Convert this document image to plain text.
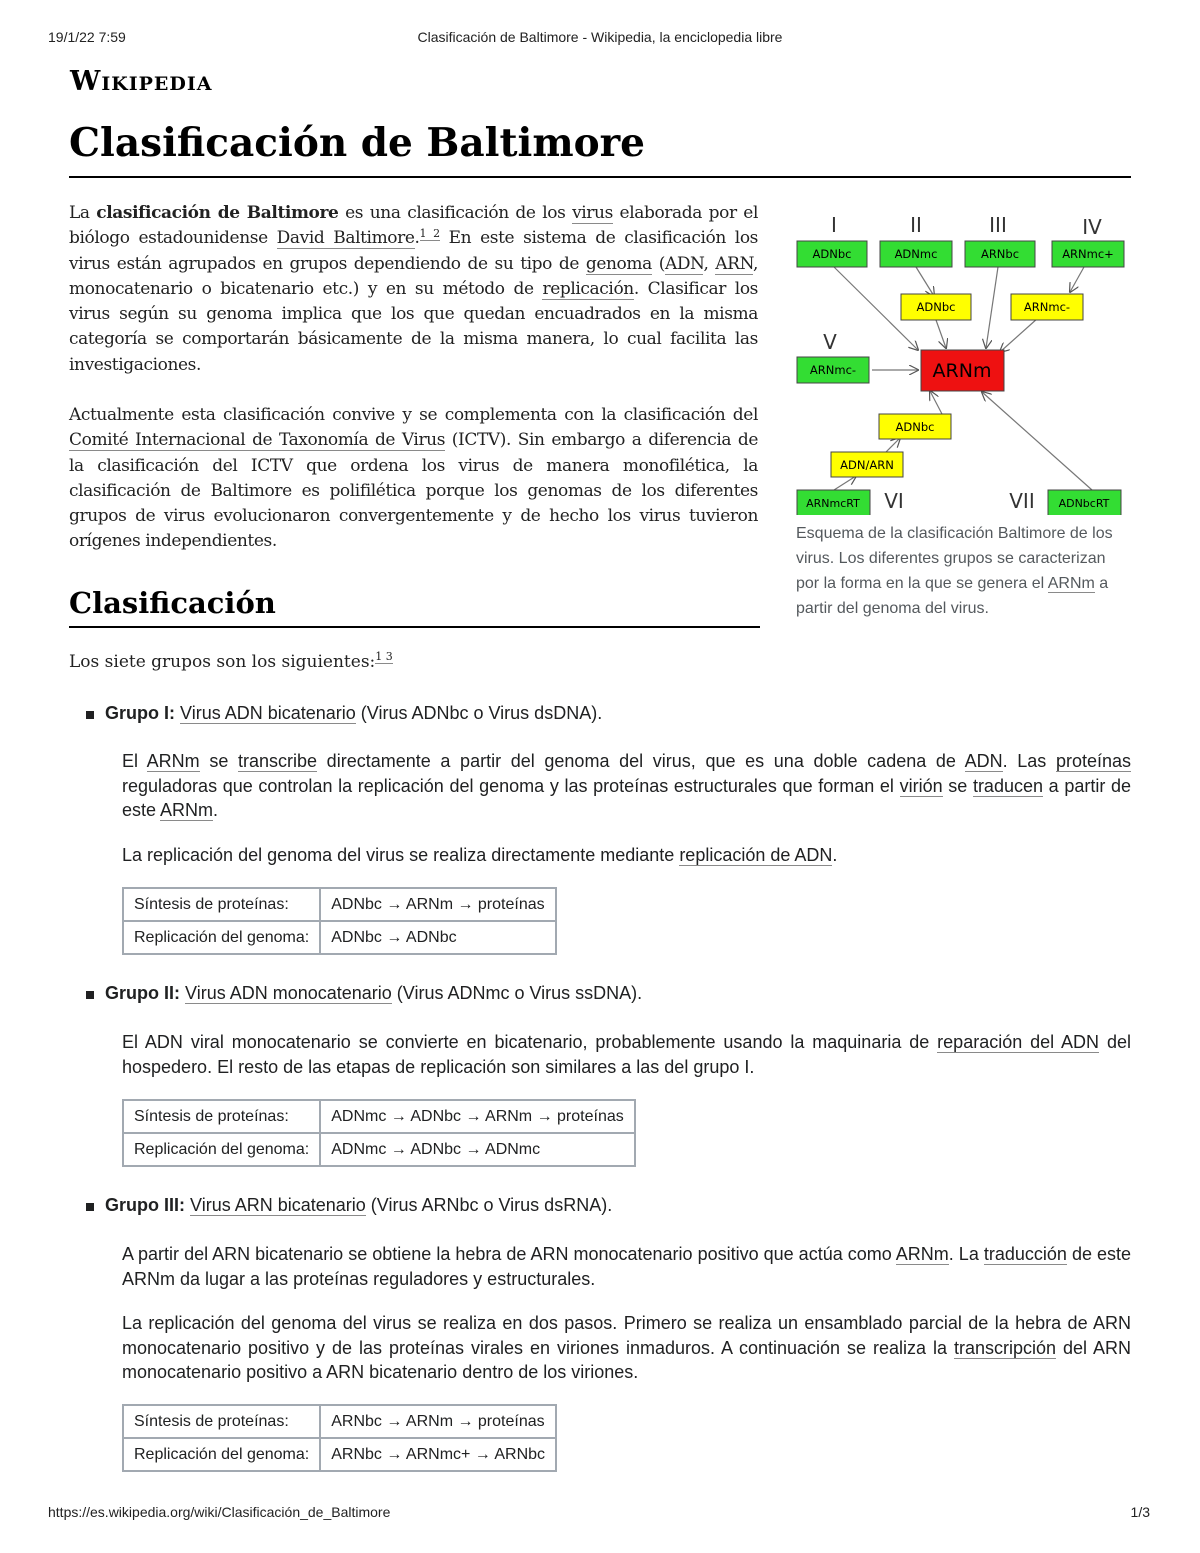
19/1/22 7:59	Clasificación de Baltimore - Wikipedia, la enciclopedia libre
Wikipedia
Clasificación de Baltimore

La clasificación de Baltimore es una clasificación de los virus elaborada por el biólogo estadounidense David Baltimore.$^{1 2}$ En este sistema de clasificación los virus están agrupados en grupos dependiendo de su tipo de genoma (ADN, ARN, monocatenario o bicatenario etc.) y en su método de replicación. Clasificar los virus según su genoma implica que los que quedan encuadrados en la misma categoría se comportarán básicamente de la misma manera, lo cual facilita las investigaciones.

Actualmente esta clasificación convive y se complementa con la clasificación del Comité Internacional de Taxonomía de Virus (ICTV). Sin embargo a diferencia de la clasificación del ICTV que ordena los virus de manera monofilética, la clasificación de Baltimore es polifilética porque los genomas de los diferentes grupos de virus evolucionaron convergentemente y de hecho los virus tuvieron orígenes independientes.

I	II	III	IV
V
VI	VII
ADNbc	ADNmc	ARNbc	ARNmc+
ADNbc	ARNmc-
ARNm
ARNmc-
ADNbc
ADN/ARN
ARNmcRT	ADNbcRT

Esquema de la clasificación Baltimore de los virus. Los diferentes grupos se caracterizan por la forma en la que se genera el ARNm a partir del genoma del virus.

Clasificación

Los siete grupos son los siguientes:$^{1 3}$

Grupo I: Virus ADN bicatenario (Virus ADNbc o Virus dsDNA).

El ARNm se transcribe directamente a partir del genoma del virus, que es una doble cadena de ADN. Las proteínas reguladoras que controlan la replicación del genoma y las proteínas estructurales que forman el virión se traducen a partir de este ARNm.

La replicación del genoma del virus se realiza directamente mediante replicación de ADN.

Síntesis de proteínas:	ADNbc → ARNm → proteínas
Replicación del genoma:	ADNbc → ADNbc

Grupo II: Virus ADN monocatenario (Virus ADNmc o Virus ssDNA).

El ADN viral monocatenario se convierte en bicatenario, probablemente usando la maquinaria de reparación del ADN del hospedero. El resto de las etapas de replicación son similares a las del grupo I.

Síntesis de proteínas:	ADNmc → ADNbc → ARNm → proteínas
Replicación del genoma:	ADNmc → ADNbc → ADNmc

Grupo III: Virus ARN bicatenario (Virus ARNbc o Virus dsRNA).

A partir del ARN bicatenario se obtiene la hebra de ARN monocatenario positivo que actúa como ARNm. La traducción de este ARNm da lugar a las proteínas reguladores y estructurales.

La replicación del genoma del virus se realiza en dos pasos. Primero se realiza un ensamblado parcial de la hebra de ARN monocatenario positivo y de las proteínas virales en viriones inmaduros. A continuación se realiza la transcripción del ARN monocatenario positivo a ARN bicatenario dentro de los viriones.

Síntesis de proteínas:	ARNbc → ARNm → proteínas
Replicación del genoma:	ARNbc → ARNmc+ → ARNbc
https://es.wikipedia.org/wiki/Clasificación_de_Baltimore	1/3
